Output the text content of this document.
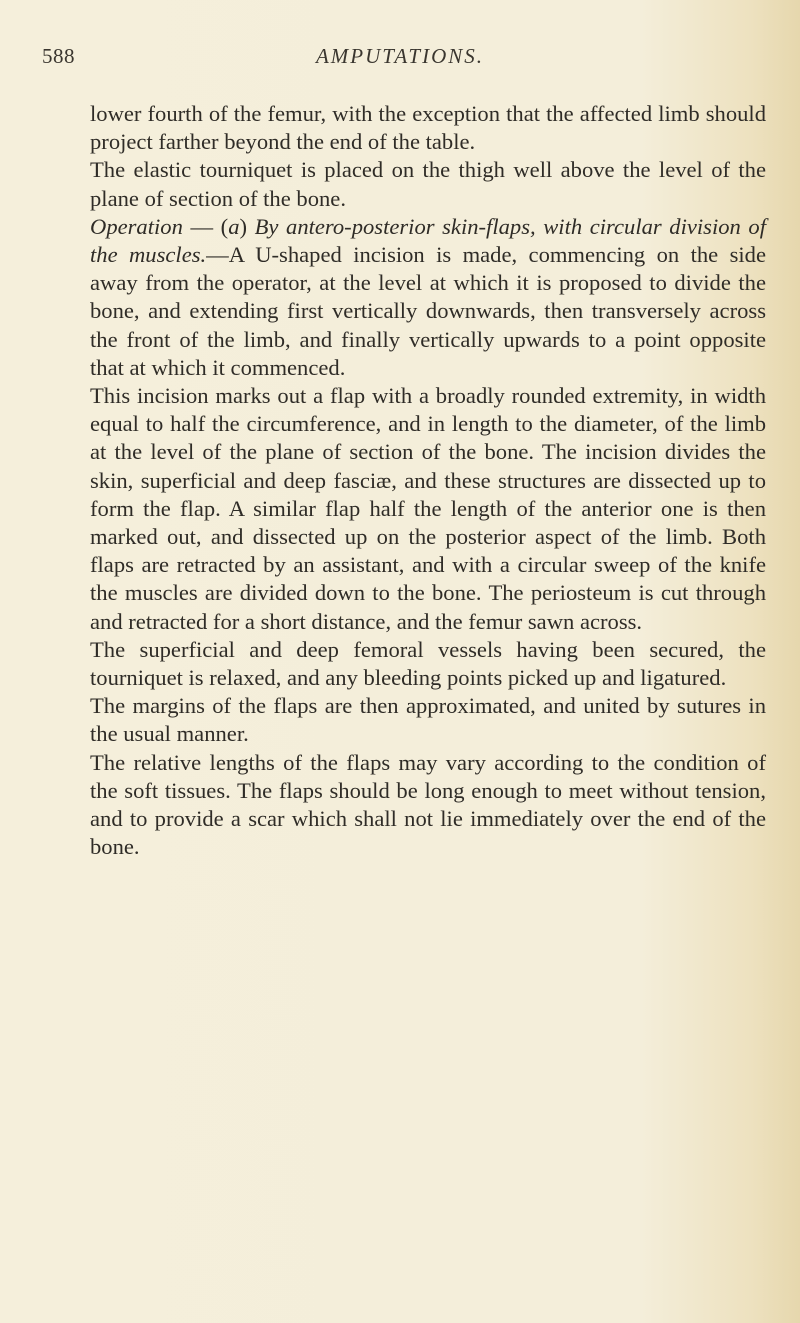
588	AMPUTATIONS.

lower fourth of the femur, with the exception that the affected limb should project farther beyond the end of the table.

The elastic tourniquet is placed on the thigh well above the level of the plane of section of the bone.

Operation — (a) By antero-posterior skin-flaps, with circular division of the muscles.—A U-shaped incision is made, commencing on the side away from the operator, at the level at which it is proposed to divide the bone, and extending first vertically downwards, then transversely across the front of the limb, and finally vertically upwards to a point opposite that at which it commenced.

This incision marks out a flap with a broadly rounded extremity, in width equal to half the circumference, and in length to the diameter, of the limb at the level of the plane of section of the bone. The incision divides the skin, superficial and deep fasciæ, and these structures are dissected up to form the flap. A similar flap half the length of the anterior one is then marked out, and dissected up on the posterior aspect of the limb. Both flaps are retracted by an assistant, and with a circular sweep of the knife the muscles are divided down to the bone. The periosteum is cut through and retracted for a short distance, and the femur sawn across.

The superficial and deep femoral vessels having been secured, the tourniquet is relaxed, and any bleeding points picked up and ligatured.

The margins of the flaps are then approximated, and united by sutures in the usual manner.

The relative lengths of the flaps may vary according to the condition of the soft tissues. The flaps should be long enough to meet without tension, and to provide a scar which shall not lie immediately over the end of the bone.
